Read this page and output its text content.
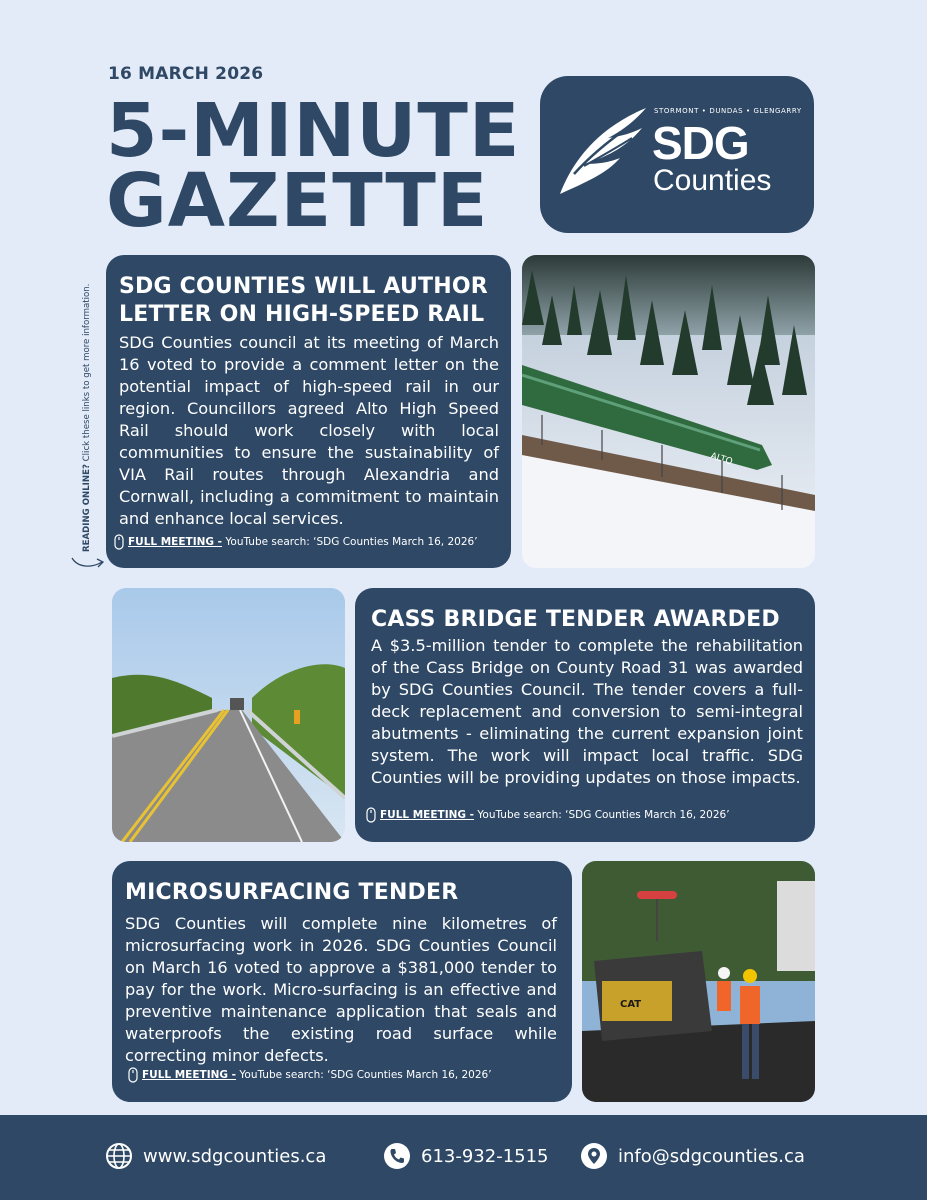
16 MARCH 2026
5-MINUTE
GAZETTE
STORMONT • DUNDAS • GLENGARRY
SDG
Counties
READING ONLINE? Click these links to get more information. SDG COUNTIES WILL AUTHOR
LETTER ON HIGH-SPEED RAIL

SDG Counties council at its meeting of March 16 voted to provide a comment letter on the potential impact of high-speed rail in our region. Councillors agreed Alto High Speed Rail should work closely with local communities to ensure the sustainability of VIA Rail routes through Alexandria and Cornwall, including a commitment to maintain and enhance local services.

FULL MEETING - YouTube search: ‘SDG Counties March 16, 2026’
ALTO
CASS BRIDGE TENDER AWARDED

A $3.5-million tender to complete the rehabilitation of the Cass Bridge on County Road 31 was awarded by SDG Counties Council. The tender covers a full-deck replacement and conversion to semi-integral abutments - eliminating the current expansion joint system. The work will impact local traffic. SDG Counties will be providing updates on those impacts.

FULL MEETING - YouTube search: ‘SDG Counties March 16, 2026’
MICROSURFACING TENDER

SDG Counties will complete nine kilometres of microsurfacing work in 2026. SDG Counties Council on March 16 voted to approve a $381,000 tender to pay for the work. Micro-surfacing is an effective and preventive maintenance application that seals and waterproofs the existing road surface while correcting minor defects.

FULL MEETING - YouTube search: ‘SDG Counties March 16, 2026’
CAT
www.sdgcounties.ca	613-932-1515	info@sdgcounties.ca
